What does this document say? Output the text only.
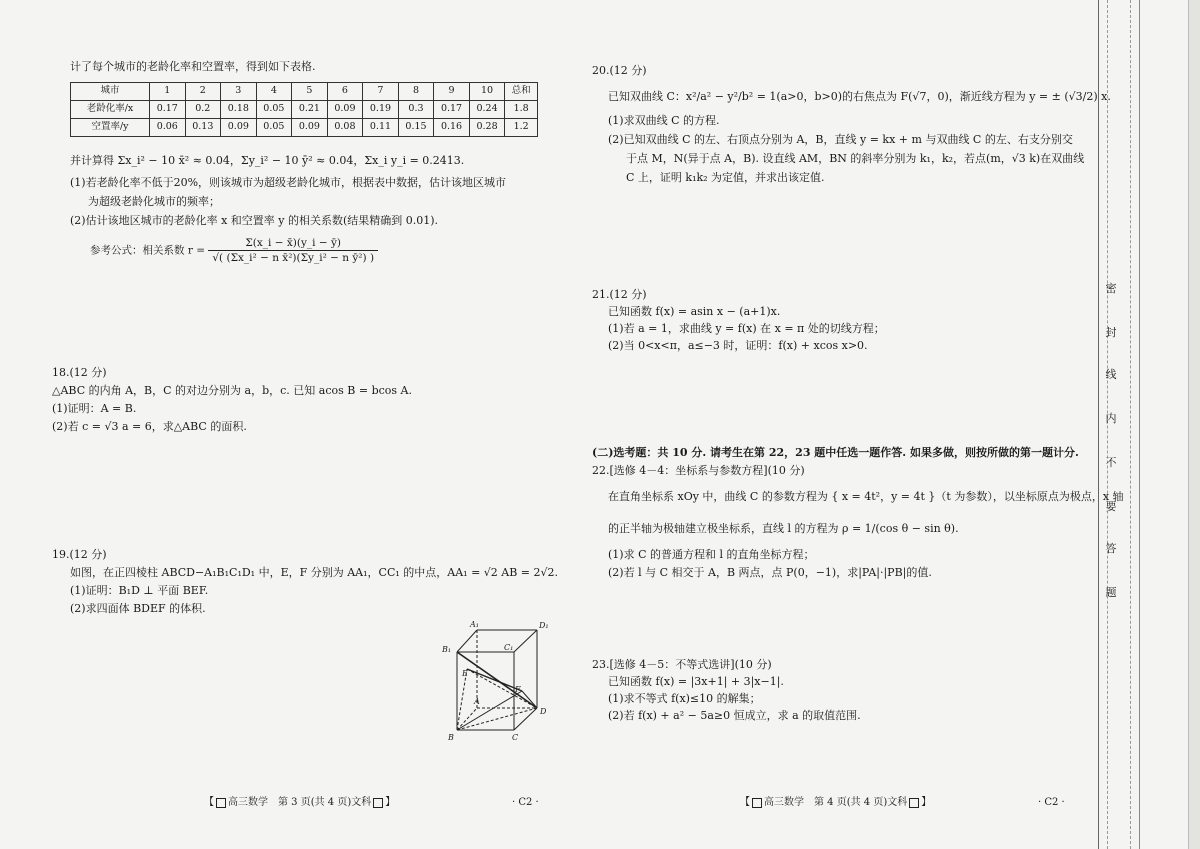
计了每个城市的老龄化率和空置率，得到如下表格.

城市	1	2	3	4	5	6	7	8	9	10	总和
老龄化率/x	0.17	0.2	0.18	0.05	0.21	0.09	0.19	0.3	0.17	0.24	1.8
空置率/y	0.06	0.13	0.09	0.05	0.09	0.08	0.11	0.15	0.16	0.28	1.2

并计算得 Σx_i² − 10 x̄² ≈ 0.04，Σy_i² − 10 ȳ² ≈ 0.04，Σx_i y_i = 0.2413.

(1)若老龄化率不低于20%，则该城市为超级老龄化城市，根据表中数据，估计该地区城市

为超级老龄化城市的频率；

(2)估计该地区城市的老龄化率 x 和空置率 y 的相关系数(结果精确到 0.01).

参考公式：相关系数 $r = \frac{\Sigma(x\_i - x̄)(y\_i - ȳ)}{\text{√( (Σx\_i² − n x̄²)(Σy\_i² − n ȳ²) )}}$

18.(12 分)

△ABC 的内角 A，B，C 的对边分别为 a，b，c. 已知 acos B = bcos A.

(1)证明：A = B.

(2)若 c = √3 a = 6，求△ABC 的面积.

19.(12 分)

如图，在正四棱柱 ABCD−A₁B₁C₁D₁ 中，E，F 分别为 AA₁，CC₁ 的中点，AA₁ = √2 AB = 2√2.

(1)证明：B₁D ⊥ 平面 BEF.

(2)求四面体 BDEF 的体积.

A₁	D₁
B₁	C₁
E
F
A
D
B	C
【 高三数学　第 3 页(共 4 页)文科 】	· C2 ·

20.(12 分)

已知双曲线 C：x²/a² − y²/b² = 1(a>0，b>0)的右焦点为 F(√7，0)，渐近线方程为 y = ± (√3/2) x.

(1)求双曲线 C 的方程.

(2)已知双曲线 C 的左、右顶点分别为 A，B，直线 y = kx + m 与双曲线 C 的左、右支分别交

于点 M，N(异于点 A，B). 设直线 AM，BN 的斜率分别为 k₁，k₂，若点(m，√3 k)在双曲线

C 上，证明 k₁k₂ 为定值，并求出该定值.

21.(12 分)

已知函数 f(x) = asin x − (a+1)x.

(1)若 a = 1，求曲线 y = f(x) 在 x = π 处的切线方程；

(2)当 0<x<π，a≤−3 时，证明：f(x) + xcos x>0.

(二)选考题：共 10 分. 请考生在第 22，23 题中任选一题作答. 如果多做，则按所做的第一题计分.

22.[选修 4－4：坐标系与参数方程](10 分)

在直角坐标系 xOy 中，曲线 C 的参数方程为 { x = 4t²，y = 4t }（t 为参数），以坐标原点为极点，x 轴

的正半轴为极轴建立极坐标系，直线 l 的方程为 ρ = 1/(cos θ − sin θ).

(1)求 C 的普通方程和 l 的直角坐标方程；

(2)若 l 与 C 相交于 A，B 两点，点 P(0，−1)，求|PA|·|PB|的值.

23.[选修 4－5：不等式选讲](10 分)

已知函数 f(x) = |3x+1| + 3|x−1|.

(1)求不等式 f(x)≤10 的解集；

(2)若 f(x) + a² − 5a≥0 恒成立，求 a 的取值范围.

【 高三数学　第 4 页(共 4 页)文科 】	· C2 ·
密
封
线
内
不
要
答
题
